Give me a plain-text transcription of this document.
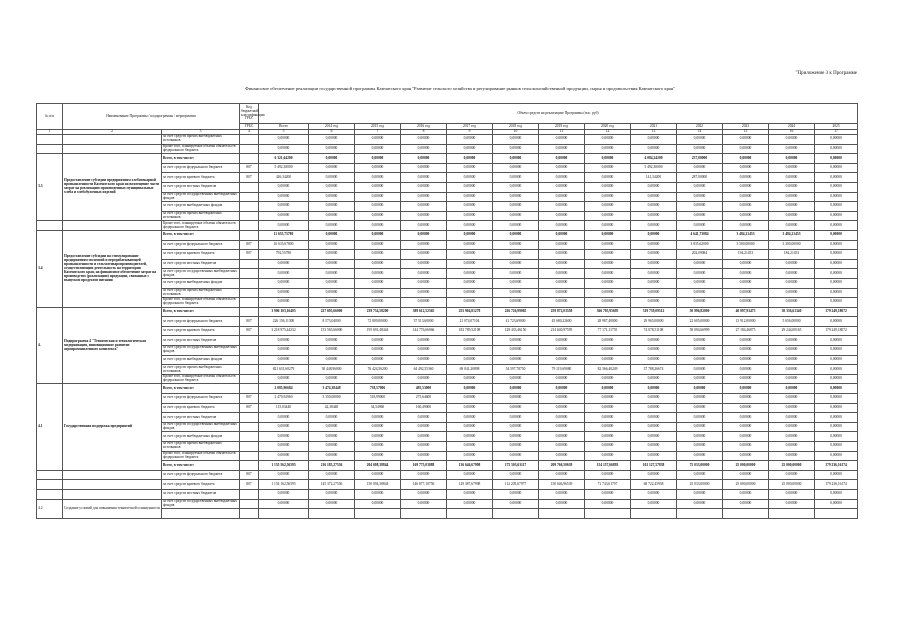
"Приложение 3 к Программе
Финансовое обеспечение реализации государственной программы Камчатского края "Развитие сельского хозяйства и регулирование рынков сельскохозяйственной продукции, сырья и продовольствия Камчатского края"
№ п/п	Наименование Программы / подпрограммы / мероприятия		Код бюджетной классификации ГРБС	Объем средств на реализацию Программы (тыс. руб)												
			ГРБС	Всего	2014 год	2015 год	2016 год	2017 год	2018 год	2019 год	2020 год	2021	2022	2023	2024	2025
1	2	3	4	5	6	7	8	9	10	11	12	13	14	15	16	17
		за счет средств прочих внебюджетных источников		0,00000	0,00000	0,00000	0,00000	0,00000	0,00000	0,00000	0,00000	0,00000	0,00000	0,00000	0,00000	0,00000
		Кроме того, планируемые объемы обязательств федерального бюджета		0,00000	0,00000	0,00000	0,00000	0,00000	0,00000	0,00000	0,00000	0,00000	0,00000	0,00000	0,00000	0,00000
3.3	Предоставление субсидии предприятиям хлебопекарной промышленности Камчатского края на возмещение части затрат на реализацию произведенных муниципальных хлеба и хлебобулочных изделий	Всего, в том числе:		6 321,64200	0,00000	0,00000	0,00000	0,00000	0,00000	0,00000	0,00000	4 084,24200	237,00000	0,00000	0,00000	0,00000
		за счет средств федерального бюджета	807	5 492,30000	0,00000	0,00000	0,00000	0,00000	0,00000	0,00000	0,00000	5 492,30000	0,00000	0,00000	0,00000	0,00000
		за счет средств краевого бюджета	807	426,34200	0,00000	0,00000	0,00000	0,00000	0,00000	0,00000	0,00000	141,34200	287,00000	0,00000	0,00000	0,00000
		за счет средств местных бюджетов		0,00000	0,00000	0,00000	0,00000	0,00000	0,00000	0,00000	0,00000	0,00000	0,00000	0,00000	0,00000	0,00000
		за счет средств государственных внебюджетных фондов		0,00000	0,00000	0,00000	0,00000	0,00000	0,00000	0,00000	0,00000	0,00000	0,00000	0,00000	0,00000	0,00000
		за счет средств внебюджетных фондов		0,00000	0,00000	0,00000	0,00000	0,00000	0,00000	0,00000	0,00000	0,00000	0,00000	0,00000	0,00000	0,00000
		за счет средств прочих внебюджетных источников		0,00000	0,00000	0,00000	0,00000	0,00000	0,00000	0,00000	0,00000	0,00000	0,00000	0,00000	0,00000	0,00000
		Кроме того, планируемые объемы обязательств федерального бюджета		0,00000	0,00000	0,00000	0,00000	0,00000	0,00000	0,00000	0,00000	0,00000	0,00000	0,00000	0,00000	0,00000
3.4	Предоставление субсидии на стимулирование предприятиям молочной и перерабатывающей промышленности и сельхозтоваропроизводителей, осуществляющим деятельность на территории Камчатского края, на финансовое обеспечение затрат на производство (реализацию) продукции, связанных с выпуском продуктов питания	Всего, в том числе:		11 635,75780	0,00000	0,00000	0,00000	0,00000	0,00000	0,00000	0,00000	0,00000	4 641,73084	3 484,21453	3 484,21453	0,00000
		за счет средств федерального бюджета	807	10 635,67800	0,00000	0,00000	0,00000	0,00000	0,00000	0,00000	0,00000	0,00000	3 835,62000	3 500,00000	3 300,00000	0,00000
		за счет средств краевого бюджета	807	792,55780	0,00000	0,00000	0,00000	0,00000	0,00000	0,00000	0,00000	0,00000	202,09084	194,21453	184,21453	0,00000
		за счет средств местных бюджетов		0,00000	0,00000	0,00000	0,00000	0,00000	0,00000	0,00000	0,00000	0,00000	0,00000	0,00000	0,00000	0,00000
		за счет средств государственных внебюджетных фондов		0,00000	0,00000	0,00000	0,00000	0,00000	0,00000	0,00000	0,00000	0,00000	0,00000	0,00000	0,00000	0,00000
		за счет средств внебюджетных фондов		0,00000	0,00000	0,00000	0,00000	0,00000	0,00000	0,00000	0,00000	0,00000	0,00000	0,00000	0,00000	0,00000
		за счет средств прочих внебюджетных источников		0,00000	0,00000	0,00000	0,00000	0,00000	0,00000	0,00000	0,00000	0,00000	0,00000	0,00000	0,00000	0,00000
		Кроме того, планируемые объемы обязательств федерального бюджета		0,00000	0,00000	0,00000	0,00000	0,00000	0,00000	0,00000	0,00000	0,00000	0,00000	0,00000	0,00000	0,00000
4.	Подпрограмма 4 "Техническая и технологическая модернизация, инновационное развитие агропромышленного комплекса"	Всего, в том числе:		3 906 103,16405	227 695,66000	239 734,58200	389 612,52365	255 904,81278	226 726,99065	259 872,03558	366 705,95695	319 739,09512	50 996,82000	40 097,93475	30 336,61340	179 249,18072
		за счет средств федерального бюджета	807	226 156,11300	8 573,04000	72 809,00000	37 513,60000	21 074,07104	41 723,69000	45 680,22600	28 987,40000	29 965,00000	22 605,00000	13 912,00000	5 656,00000	0,00000
		за счет средств краевого бюджета	807	3 218 975,44232	153 565,66000	195 691,48444	144 776,66066	182 789,52108	128 433,46150	214 640,97595	77 171,11755	74 078,51108	58 094,66999	27 184,46875	29 244,00165	179 249,18072
		за счет средств местных бюджетов		0,00000	0,00000	0,00000	0,00000	0,00000	0,00000	0,00000	0,00000	0,00000	0,00000	0,00000	0,00000	0,00000
		за счет средств государственных внебюджетных фондов		0,00000	0,00000	0,00000	0,00000	0,00000	0,00000	0,00000	0,00000	0,00000	0,00000	0,00000	0,00000	0,00000
		за счет средств внебюджетных фондов		0,00000	0,00000	0,00000	0,00000	0,00000	0,00000	0,00000	0,00000	0,00000	0,00000	0,00000	0,00000	0,00000
		за счет средств прочих внебюджетных источников		821 631,60279	30 448,96000	76 424,56200	64 492,55360	69 041,20898	54 597,78750	79 119,69080	82 366,40249	37 788,26674	0,00000	0,00000	0,00000	0,00000
		Кроме того, планируемые объемы обязательств федерального бюджета		0,00000	0,00000	0,00000	0,00000	0,00000	0,00000	0,00000	0,00000	0,00000	0,00000	0,00000	0,00000	0,00000
4.1	Государственная поддержка предприятий	Всего, в том числе:		2 085,96684	3 474,38448	738,57006	495,53000	0,00000	0,00000	0,00000	0,00000	0,00000	0,00000	0,00000	0,00000	0,00000
		за счет средств федерального бюджета	807	2 470,92960	3 350,00000	518,99000	275,64600	0,00000	0,00000	0,00000	0,00000	0,00000	0,00000	0,00000	0,00000	0,00000
		за счет средств краевого бюджета	807	115,03440	42,38448	34,54960	160,49000	0,00000	0,00000	0,00000	0,00000	0,00000	0,00000	0,00000	0,00000	0,00000
		за счет средств местных бюджетов		0,00000	0,00000	0,00000	0,00000	0,00000	0,00000	0,00000	0,00000	0,00000	0,00000	0,00000	0,00000	0,00000
		за счет средств государственных внебюджетных фондов		0,00000	0,00000	0,00000	0,00000	0,00000	0,00000	0,00000	0,00000	0,00000	0,00000	0,00000	0,00000	0,00000
		за счет средств внебюджетных фондов		0,00000	0,00000	0,00000	0,00000	0,00000	0,00000	0,00000	0,00000	0,00000	0,00000	0,00000	0,00000	0,00000
		за счет средств прочих внебюджетных источников		0,00000	0,00000	0,00000	0,00000	0,00000	0,00000	0,00000	0,00000	0,00000	0,00000	0,00000	0,00000	0,00000
		Кроме того, планируемые объемы обязательств федерального бюджета		0,00000	0,00000	0,00000	0,00000	0,00000	0,00000	0,00000	0,00000	0,00000	0,00000	0,00000	0,00000	0,00000
		Всего, в том числе:		1 155 562,56595	216 185,27536	204 698,38844	169 775,03088	136 646,67998	175 503,63117	209 766,50639	154 157,66893	102 127,57838	75 033,00000	25 000,00000	25 000,00000	179 236,16174
		за счет средств федерального бюджета	807	0,00000	0,00000	0,00000	0,00000	0,00000	0,00000	0,00000	0,00000	0,00000	0,00000	0,00000	0,00000	0,00000
		за счет средств краевого бюджета	807	1 154 162,56595	145 372,27536	150 094,38844	146 877,10756	129 387,67998	112 205,67977	150 646,96539	71 743,01797	68 722,45938	25 033,00000	25 000,00000	25 000,00000	179 236,16174
		за счет средств местных бюджетов		0,00000	0,00000	0,00000	0,00000	0,00000	0,00000	0,00000	0,00000	0,00000	0,00000	0,00000	0,00000	0,00000
4.2	Создание условий для повышения технической оснащенности	за счет средств государственных внебюджетных фондов		0,00000	0,00000	0,00000	0,00000	0,00000	0,00000	0,00000	0,00000	0,00000	0,00000	0,00000	0,00000	0,00000
